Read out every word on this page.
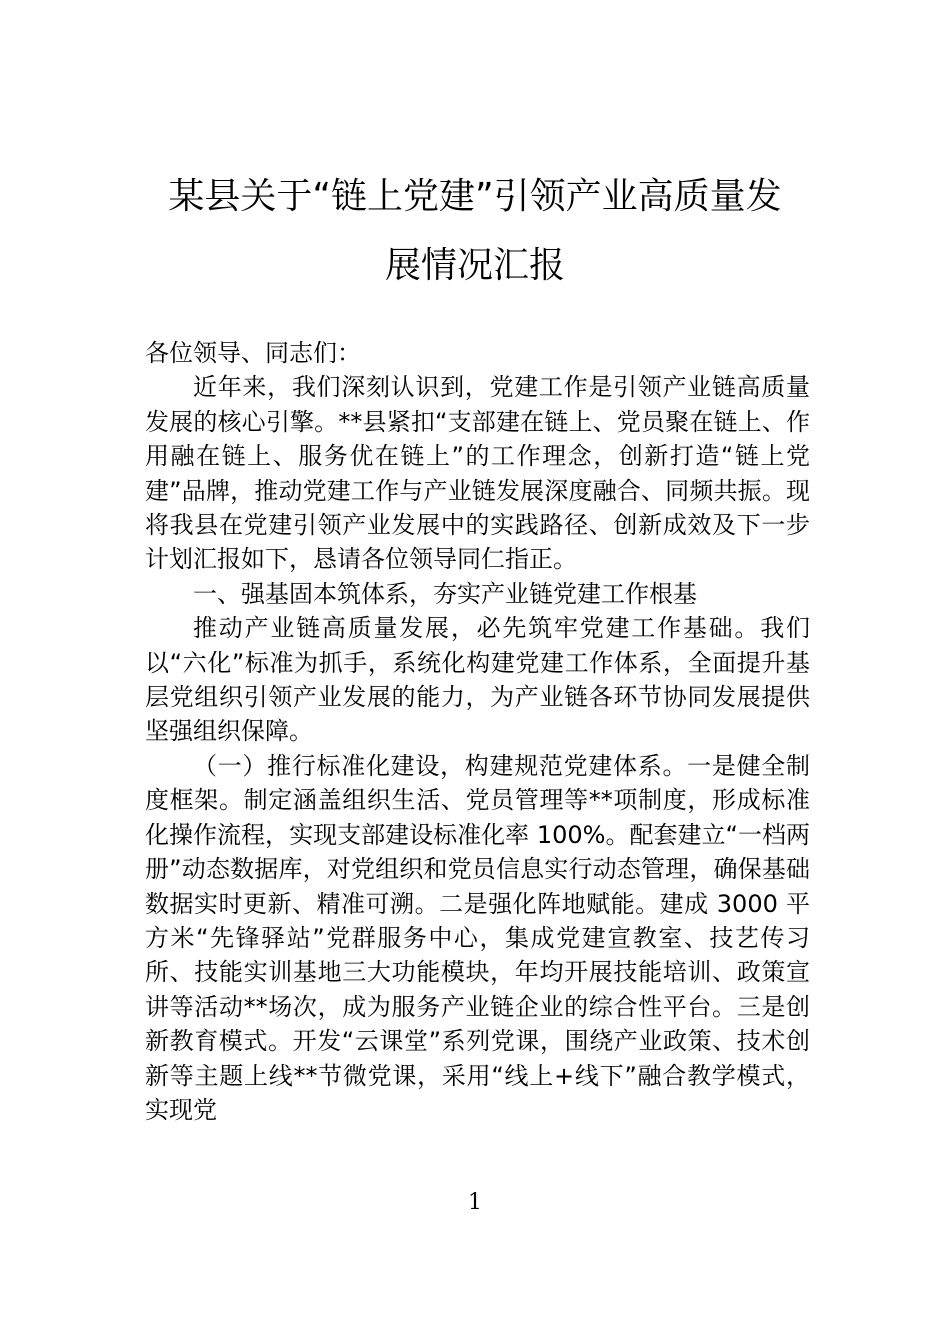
某县关于“链上党建”引领产业高质量发
展情况汇报

各位领导、同志们：

近年来，我们深刻认识到，党建工作是引领产业链高质量发展的核心引擎。**县紧扣“支部建在链上、党员聚在链上、作用融在链上、服务优在链上”的工作理念，创新打造“链上党建”品牌，推动党建工作与产业链发展深度融合、同频共振。现将我县在党建引领产业发展中的实践路径、创新成效及下一步计划汇报如下，恳请各位领导同仁指正。

一、强基固本筑体系，夯实产业链党建工作根基

推动产业链高质量发展，必先筑牢党建工作基础。我们以“六化”标准为抓手，系统化构建党建工作体系，全面提升基层党组织引领产业发展的能力，为产业链各环节协同发展提供坚强组织保障。

（一）推行标准化建设，构建规范党建体系。一是健全制度框架。制定涵盖组织生活、党员管理等**项制度，形成标准化操作流程，实现支部建设标准化率 100%。配套建立“一档两册”动态数据库，对党组织和党员信息实行动态管理，确保基础数据实时更新、精准可溯。二是强化阵地赋能。建成 3000 平方米“先锋驿站”党群服务中心，集成党建宣教室、技艺传习所、技能实训基地三大功能模块，年均开展技能培训、政策宣讲等活动**场次，成为服务产业链企业的综合性平台。三是创新教育模式。开发“云课堂”系列党课，围绕产业政策、技术创新等主题上线**节微党课，采用“线上+线下”融合教学模式，实现党

1
